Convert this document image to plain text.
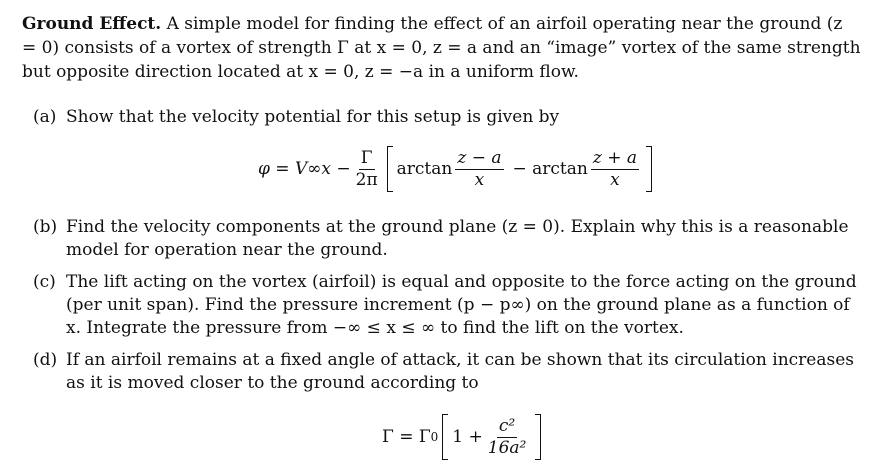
Ground Effect. A simple model for finding the effect of an airfoil operating near the ground (z = 0) consists of a vortex of strength Γ at x = 0, z = a and an “image” vortex of the same strength but opposite direction located at x = 0, z = −a in a uniform flow.
(a) Show that the velocity potential for this setup is given by
$\varphi = V\infty x - \frac{\Gamma}{2\pi}$ $\arctan \frac{z - a}{x} - \arctan \frac{z + a}{x}$
(b) Find the velocity components at the ground plane (z = 0). Explain why this is a reasonable model for operation near the ground.
(c) The lift acting on the vortex (airfoil) is equal and opposite to the force acting on the ground (per unit span). Find the pressure increment (p − p∞) on the ground plane as a function of x. Integrate the pressure from −∞ ≤ x ≤ ∞ to find the lift on the vortex.
(d) If an airfoil remains at a fixed angle of attack, it can be shown that its circulation increases as it is moved closer to the ground according to
Γ = Γ 0 $1 + \frac{\text{c²}}{\text{16a²}}$
